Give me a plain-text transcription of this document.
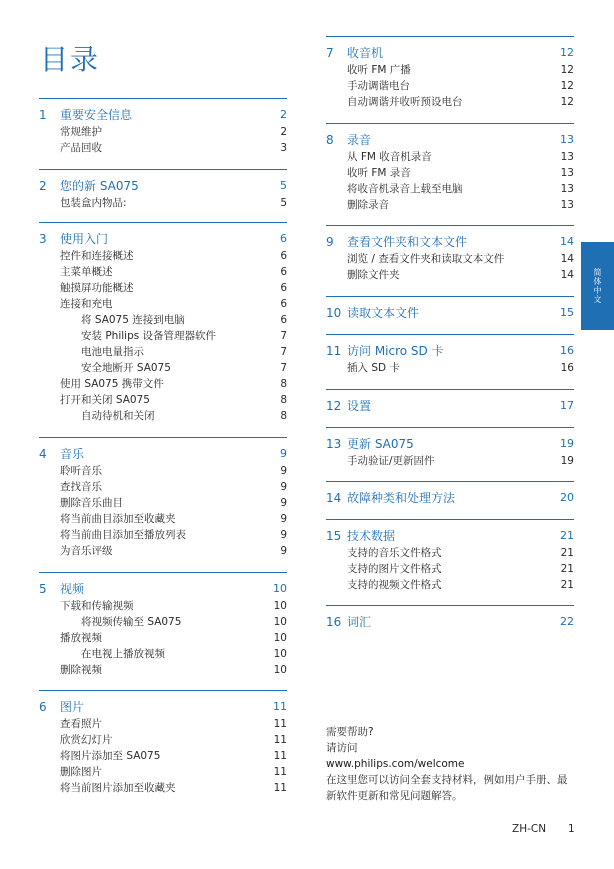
目录
1 重要安全信息	2
常规维护	2
产品回收	3
2 您的新 SA075	5
包装盒内物品:	5
3 使用入门	6
控件和连接概述	6
主菜单概述	6
触摸屏功能概述	6
连接和充电	6
将 SA075 连接到电脑	6
安装 Philips 设备管理器软件	7
电池电量指示	7
安全地断开 SA075	7
使用 SA075 携带文件	8
打开和关闭 SA075	8
自动待机和关闭	8
4 音乐	9
聆听音乐	9
查找音乐	9
删除音乐曲目	9
将当前曲目添加至收藏夹	9
将当前曲目添加至播放列表	9
为音乐评级	9
5 视频	10
下载和传输视频	10
将视频传输至 SA075	10
播放视频	10
在电视上播放视频	10
删除视频	10
6 图片	11
查看照片	11
欣赏幻灯片	11
将图片添加至 SA075	11
删除图片	11
将当前图片添加至收藏夹	11
7 收音机	12
收听 FM 广播	12
手动调谐电台	12
自动调谐并收听预设电台	12
8 录音	13
从 FM 收音机录音	13
收听 FM 录音	13
将收音机录音上载至电脑	13
删除录音	13
9 查看文件夹和文本文件	14
浏览 / 查看文件夹和读取文本文件	14
删除文件夹	14
10 读取文本文件	15
11 访问 Micro SD 卡	16
插入 SD 卡	16
12 设置	17
13 更新 SA075	19
手动验证/更新固件	19
14 故障种类和处理方法	20
15 技术数据	21
支持的音乐文件格式	21
支持的图片文件格式	21
支持的视频文件格式	21
16 词汇	22
简体中文
需要帮助?
请访问
www.philips.com/welcome
在这里您可以访问全套支持材料，例如用户手册、最新软件更新和常见问题解答。
ZH-CN 1
